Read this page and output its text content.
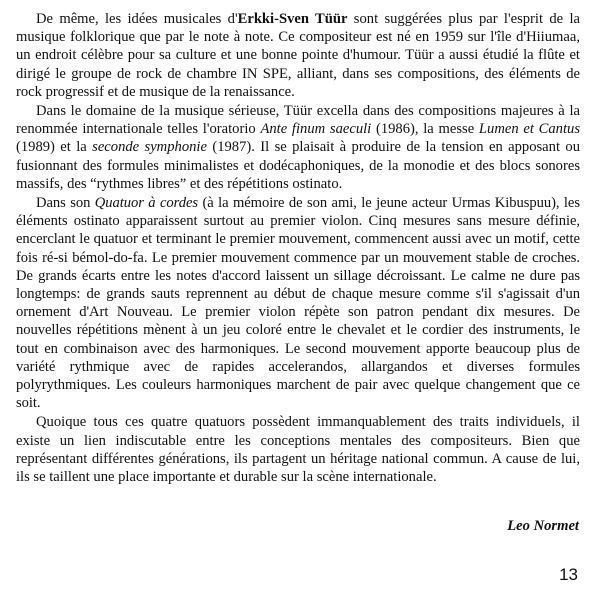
De même, les idées musicales d'Erkki-Sven Tüür sont suggérées plus par l'esprit de la musique folklorique que par le note à note. Ce compositeur est né en 1959 sur l'île d'Hiiumaa, un endroit célèbre pour sa culture et une bonne pointe d'humour. Tüür a aussi étudié la flûte et dirigé le groupe de rock de chambre IN SPE, alliant, dans ses compositions, des éléments de rock progressif et de musique de la renaissance.

Dans le domaine de la musique sérieuse, Tüür excella dans des compositions majeures à la renommée internationale telles l'oratorio Ante finum saeculi (1986), la messe Lumen et Cantus (1989) et la seconde symphonie (1987). Il se plaisait à produire de la tension en apposant ou fusionnant des formules minimalistes et dodécaphoniques, de la monodie et des blocs sonores massifs, des “rythmes libres” et des répétitions ostinato.

Dans son Quatuor à cordes (à la mémoire de son ami, le jeune acteur Urmas Kibuspuu), les éléments ostinato apparaissent surtout au premier violon. Cinq mesures sans mesure définie, encerclant le quatuor et terminant le premier mouvement, commencent aussi avec un motif, cette fois ré-si bémol-do-fa. Le premier mouvement commence par un mouvement stable de croches. De grands écarts entre les notes d'accord laissent un sillage décroissant. Le calme ne dure pas longtemps: de grands sauts reprennent au début de chaque mesure comme s'il s'agissait d'un ornement d'Art Nouveau. Le premier violon répète son patron pendant dix mesures. De nouvelles répétitions mènent à un jeu coloré entre le chevalet et le cordier des instruments, le tout en combinaison avec des harmoniques. Le second mouvement apporte beaucoup plus de variété rythmique avec de rapides accelerandos, allargandos et diverses formules polyrythmiques. Les couleurs harmoniques marchent de pair avec quelque changement que ce soit.

Quoique tous ces quatre quatuors possèdent immanquablement des traits individuels, il existe un lien indiscutable entre les conceptions mentales des compositeurs. Bien que représentant différentes générations, ils partagent un héritage national commun. A cause de lui, ils se taillent une place importante et durable sur la scène internationale.

Leo Normet
13
